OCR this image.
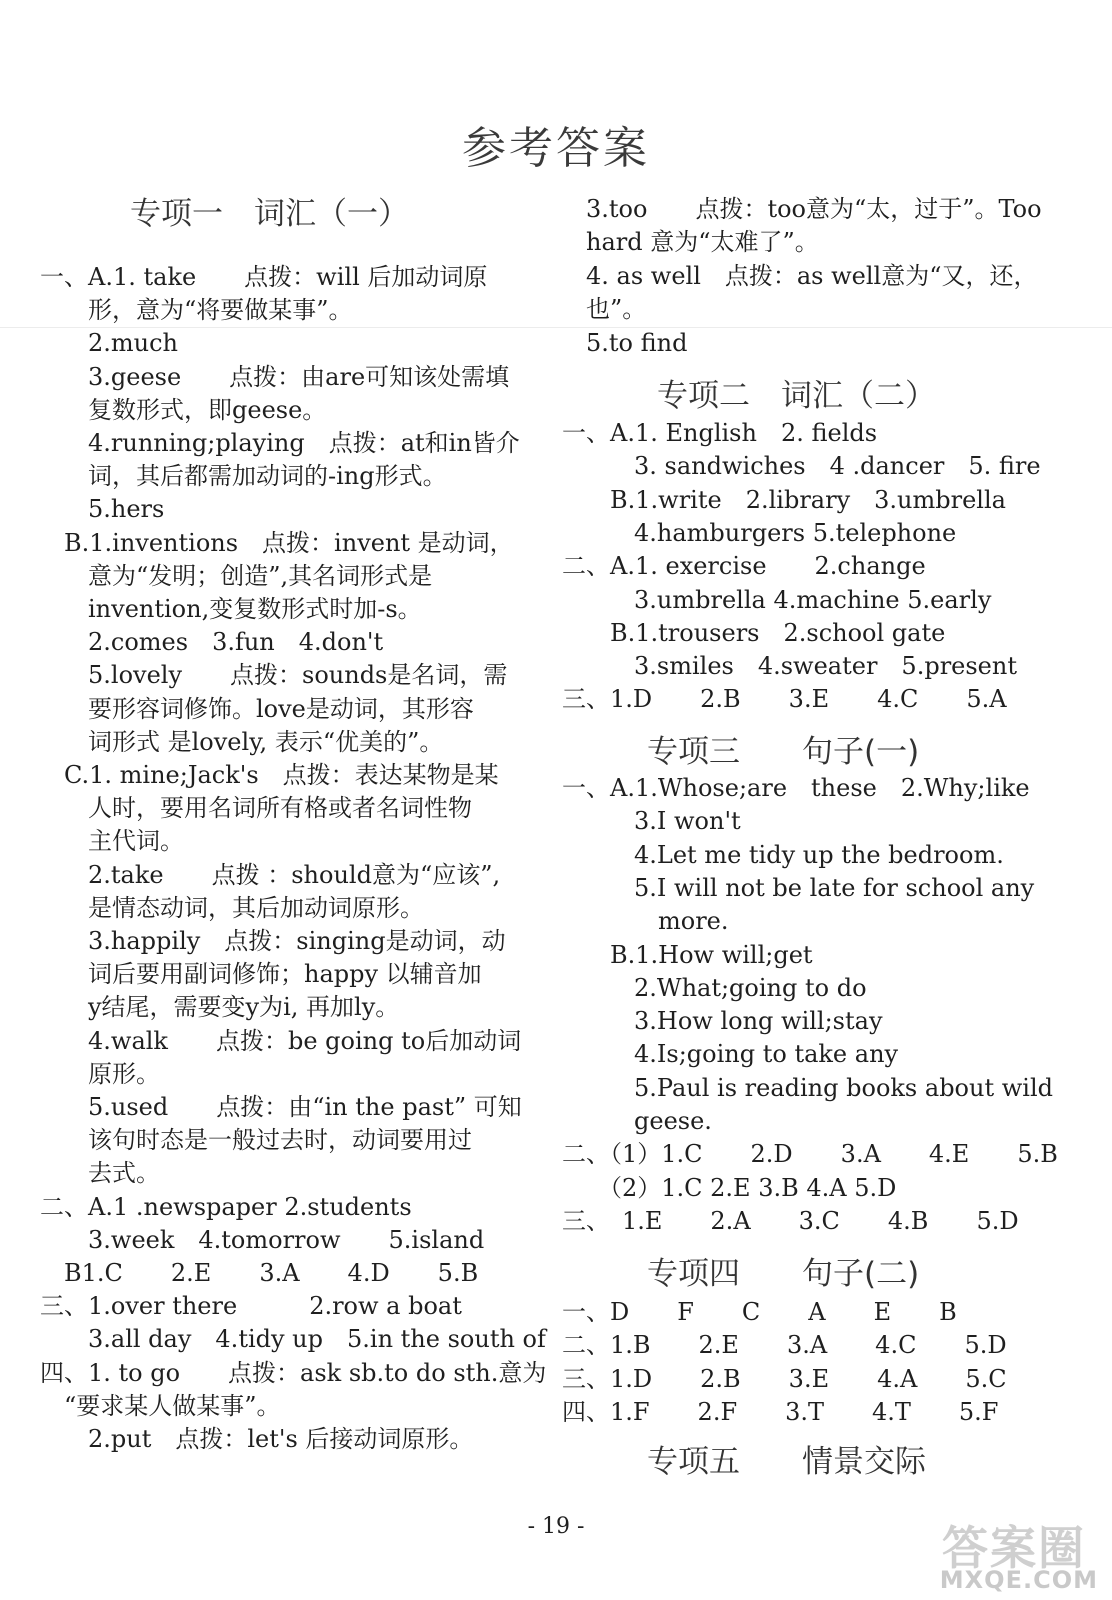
参考答案
专项一　词汇（一）
一、A.1. take　　点拨：will 后加动词原
　　形，意为“将要做某事”。
　　2.much
　　3.geese　　点拨：由are可知该处需填
　　复数形式，即geese。
　　4.running;playing　点拨：at和in皆介
　　词，其后都需加动词的-ing形式。
　　5.hers
　B.1.inventions　点拨：invent 是动词，
　　意为“发明；创造”,其名词形式是
　　invention,变复数形式时加-s。
　　2.comes　3.fun　4.don't
　　5.lovely　　点拨：sounds是名词，需
　　要形容词修饰。love是动词，其形容
　　词形式 是lovely, 表示“优美的”。
　C.1. mine;Jack's　点拨：表达某物是某
　　人时，要用名词所有格或者名词性物
　　主代词。
　　2.take　　点拨 ：should意为“应该”,
　　是情态动词，其后加动词原形。
　　3.happily　点拨：singing是动词，动
　　词后要用副词修饰；happy 以辅音加
　　y结尾，需要变y为i, 再加ly。
　　4.walk　　点拨：be going to后加动词
　　原形。
　　5.used　　点拨：由“in the past” 可知
　　该句时态是一般过去时，动词要用过
　　去式。
二、A.1 .newspaper 2.students
　　3.week　4.tomorrow　　5.island
　B1.C　　2.E　　3.A　　4.D　　5.B
三、1.over there　　　2.row a boat
　　3.all day　4.tidy up　5.in the south of
四、1. to go　　点拨：ask sb.to do sth.意为
　“要求某人做某事”。
　　2.put　点拨：let's 后接动词原形。
　3.too　　点拨：too意为“太，过于”。Too
　hard 意为“太难了”。
　4. as well　点拨：as well意为“又，还，
　也”。
　5.to find
专项二　词汇（二）
一、A.1. English　2. fields
　　　3. sandwiches　4 .dancer　5. fire
　　B.1.write　2.library　3.umbrella
　　　4.hamburgers 5.telephone
二、A.1. exercise　　2.change
　　　3.umbrella 4.machine 5.early
　　B.1.trousers　2.school gate
　　　3.smiles　4.sweater　5.present
三、1.D　　2.B　　3.E　　4.C　　5.A
专项三　　句子(一)
一、A.1.Whose;are　these　2.Why;like
　　　3.I won't
　　　4.Let me tidy up the bedroom.
　　　5.I will not be late for school any
　　　　more.
　　B.1.How will;get
　　　2.What;going to do
　　　3.How long will;stay
　　　4.Is;going to take any
　　　5.Paul is reading books about wild
　　　geese.
二、（1）1.C　　2.D　　3.A　　4.E　　5.B
　　（2）1.C 2.E 3.B 4.A 5.D
三、　1.E　　2.A　　3.C　　4.B　　5.D
专项四　　句子(二)
一、D　　F　　C　　A　　E　　B
二、1.B　　2.E　　3.A　　4.C　　5.D
三、1.D　　2.B　　3.E　　4.A　　5.C
四、1.F　　2.F　　3.T　　4.T　　5.F
专项五　　情景交际
- 19 -	答案圈
MXQE.COM
